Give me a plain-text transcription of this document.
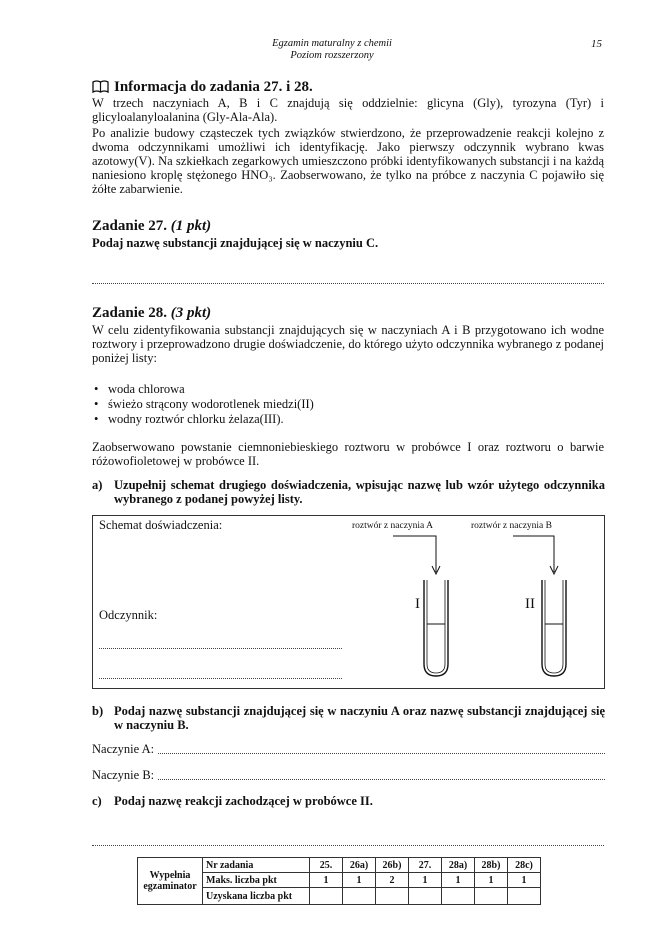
Egzamin maturalny z chemii
Poziom rozszerzony
15
Informacja do zadania 27. i 28.
W trzech naczyniach A, B i C znajdują się oddzielnie: glicyna (Gly), tyrozyna (Tyr) i glicyloalanyloalanina (Gly-Ala-Ala).
Po analizie budowy cząsteczek tych związków stwierdzono, że przeprowadzenie reakcji kolejno z dwoma odczynnikami umożliwi ich identyfikację. Jako pierwszy odczynnik wybrano kwas azotowy(V). Na szkiełkach zegarkowych umieszczono próbki identyfikowanych substancji i na każdą naniesiono kroplę stężonego HNO₃. Zaobserwowano, że tylko na próbce z naczynia C pojawiło się żółte zabarwienie.
Zadanie 27. (1 pkt)
Podaj nazwę substancji znajdującej się w naczyniu C.
Zadanie 28. (3 pkt)
W celu zidentyfikowania substancji znajdujących się w naczyniach A i B przygotowano ich wodne roztwory i przeprowadzono drugie doświadczenie, do którego użyto odczynnika wybranego z podanej poniżej listy:
• woda chlorowa
• świeżo strącony wodorotlenek miedzi(II)
• wodny roztwór chlorku żelaza(III).
Zaobserwowano powstanie ciemnoniebieskiego roztworu w probówce I oraz roztworu o barwie różowofioletowej w probówce II.
a) Uzupełnij schemat drugiego doświadczenia, wpisując nazwę lub wzór użytego odczynnika wybranego z podanej powyżej listy.
Schemat doświadczenia:
Odczynnik:
roztwór z naczynia A	roztwór z naczynia B
I	II
b) Podaj nazwę substancji znajdującej się w naczyniu A oraz nazwę substancji znajdującej się w naczyniu B.
Naczynie A:
Naczynie B:
c) Podaj nazwę reakcji zachodzącej w probówce II.
Wypełnia egzaminator	Nr zadania	25.	26a)	26b)	27.	28a)	28b)	28c)
	Maks. liczba pkt	1	1	2	1	1	1	1
	Uzyskana liczba pkt							
